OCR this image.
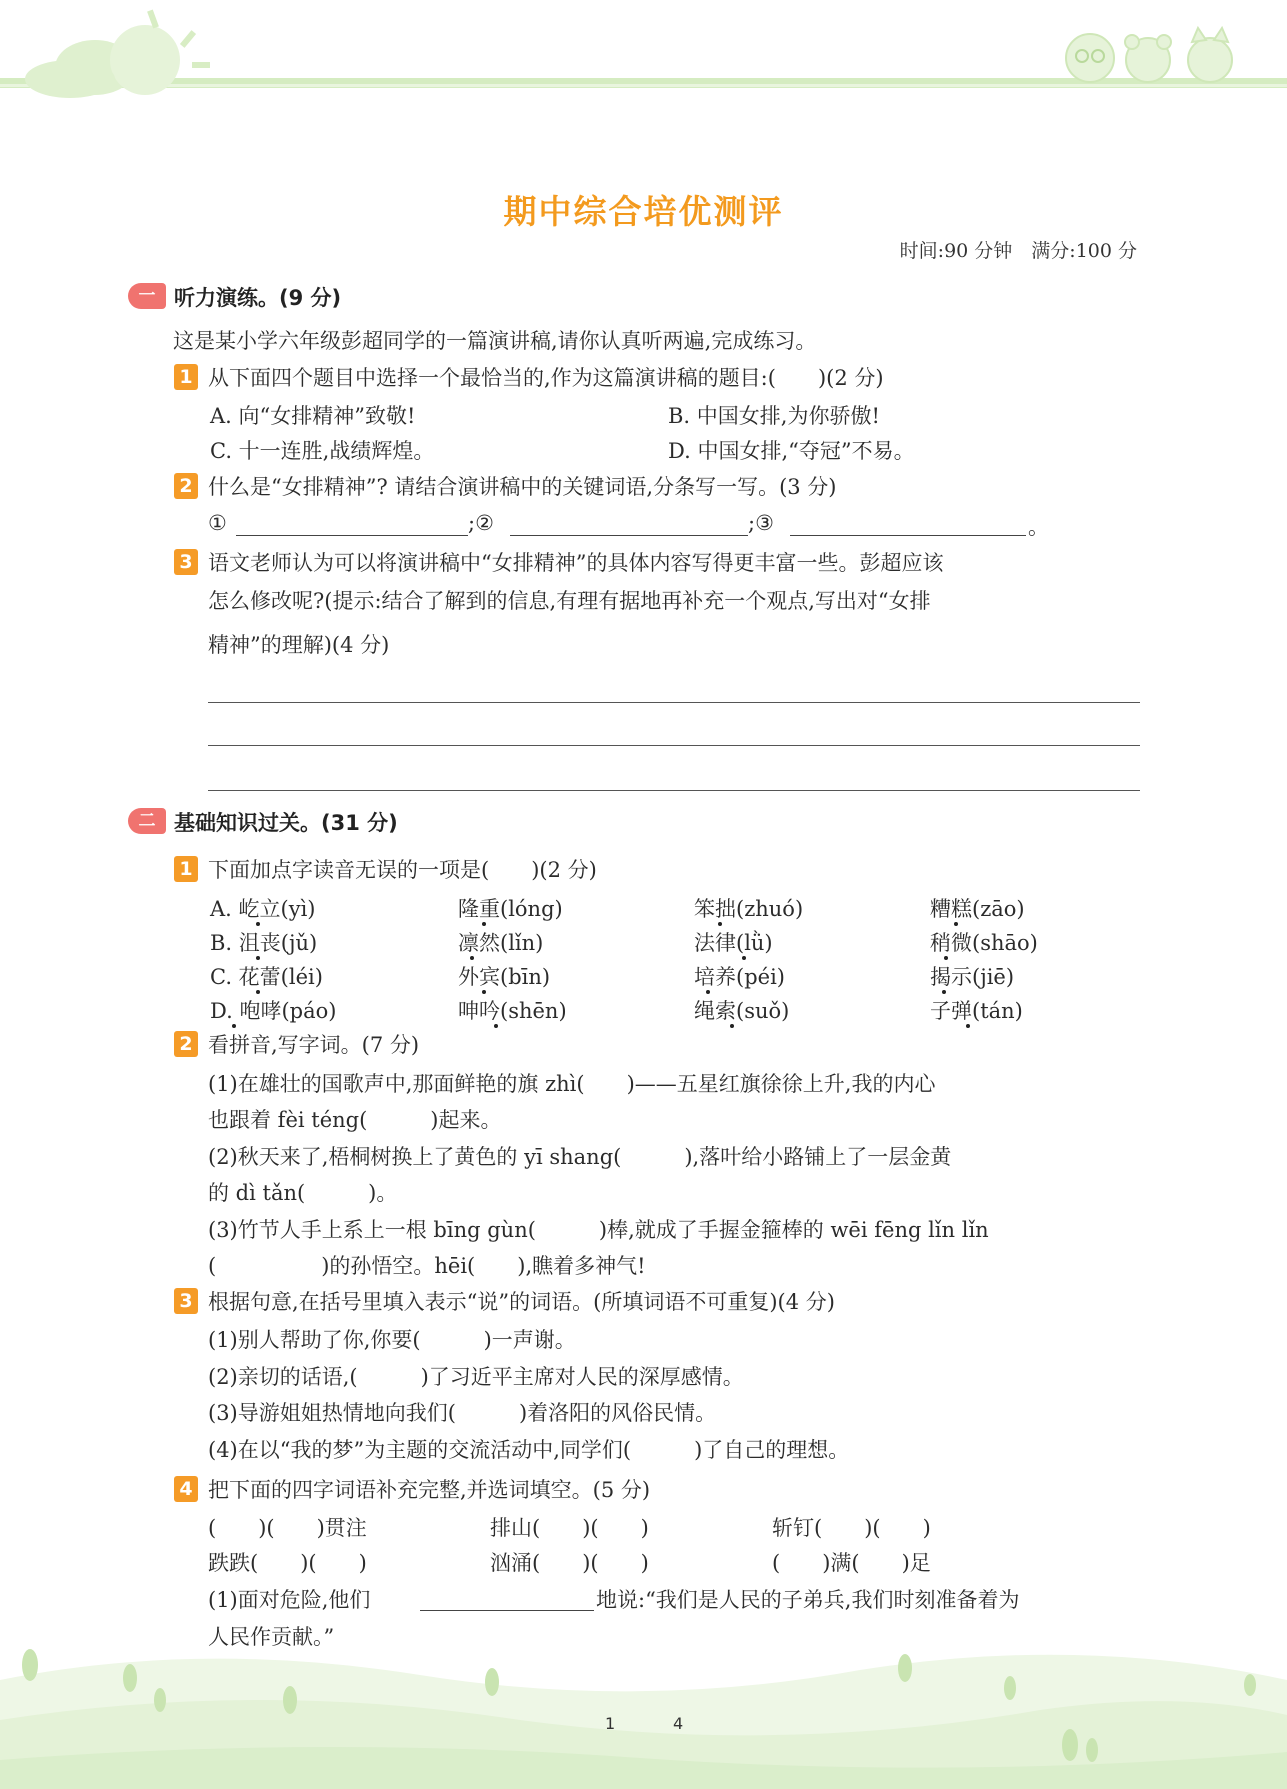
期中综合培优测评
时间:90 分钟　满分:100 分
一 听力演练。(9 分)
这是某小学六年级彭超同学的一篇演讲稿,请你认真听两遍,完成练习。
1 从下面四个题目中选择一个最恰当的,作为这篇演讲稿的题目:(　　)(2 分)
A. 向“女排精神”致敬!	B. 中国女排,为你骄傲!
C. 十一连胜,战绩辉煌。	D. 中国女排,“夺冠”不易。
2 什么是“女排精神”? 请结合演讲稿中的关键词语,分条写一写。(3 分)
①	;②	;③	。
3 语文老师认为可以将演讲稿中“女排精神”的具体内容写得更丰富一些。彭超应该
怎么修改呢?(提示:结合了解到的信息,有理有据地再补充一个观点,写出对“女排
精神”的理解)(4 分)
二 基础知识过关。(31 分)
1 下面加点字读音无误的一项是(　　)(2 分)
A. 屹立(yì)	隆重(lóng)	笨拙(zhuó)	糟糕(zāo)
B. 沮丧(jǔ)	凛然(lǐn)	法律(lǜ)	稍微(shāo)
C. 花蕾(léi)	外宾(bīn)	培养(péi)	揭示(jiē)
D. 咆哮(páo)	呻吟(shēn)	绳索(suǒ)	子弹(tán)
2 看拼音,写字词。(7 分)
(1)在雄壮的国歌声中,那面鲜艳的旗 zhì(　　)——五星红旗徐徐上升,我的内心
也跟着 fèi téng(　　　)起来。
(2)秋天来了,梧桐树换上了黄色的 yī shang(　　　),落叶给小路铺上了一层金黄
的 dì tǎn(　　　)。
(3)竹节人手上系上一根 bīng gùn(　　　)棒,就成了手握金箍棒的 wēi fēng lǐn lǐn
(　　　　　)的孙悟空。hēi(　　),瞧着多神气!
3 根据句意,在括号里填入表示“说”的词语。(所填词语不可重复)(4 分)
(1)别人帮助了你,你要(　　　)一声谢。
(2)亲切的话语,(　　　)了习近平主席对人民的深厚感情。
(3)导游姐姐热情地向我们(　　　)着洛阳的风俗民情。
(4)在以“我的梦”为主题的交流活动中,同学们(　　　)了自己的理想。
4 把下面的四字词语补充完整,并选词填空。(5 分)
(　　)(　　)贯注	排山(　　)(　　)	斩钉(　　)(　　)
跌跌(　　)(　　)	汹涌(　　)(　　)	(　　)满(　　)足
(1)面对危险,他们	地说:“我们是人民的子弟兵,我们时刻准备着为
人民作贡献。”
1	4
